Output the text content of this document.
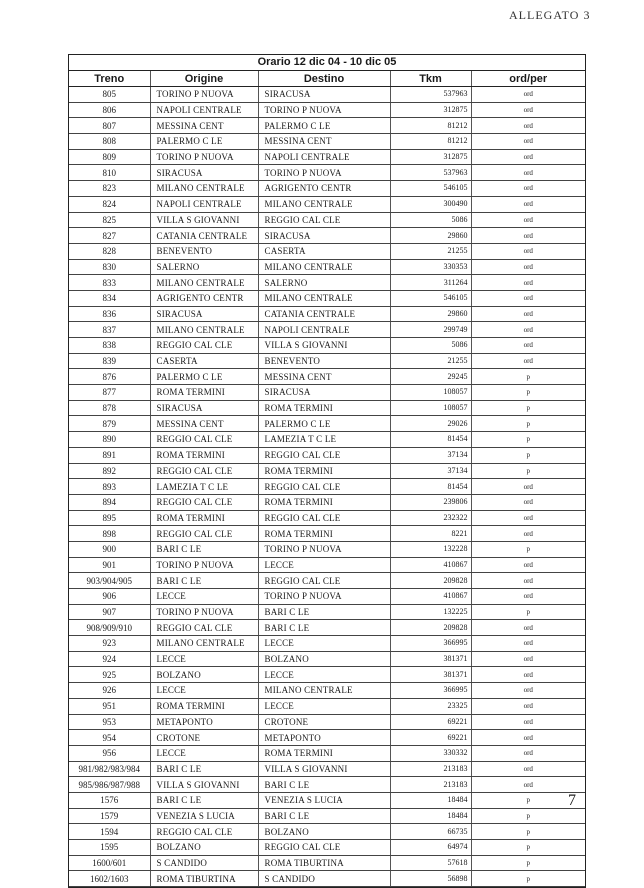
ALLEGATO 3
Orario 12 dic 04 - 10 dic 05
Treno	Origine	Destino	Tkm	ord/per
805	TORINO P NUOVA	SIRACUSA	537963	ord
806	NAPOLI CENTRALE	TORINO P NUOVA	312875	ord
807	MESSINA CENT	PALERMO C LE	81212	ord
808	PALERMO C LE	MESSINA CENT	81212	ord
809	TORINO P NUOVA	NAPOLI CENTRALE	312875	ord
810	SIRACUSA	TORINO P NUOVA	537963	ord
823	MILANO CENTRALE	AGRIGENTO CENTR	546105	ord
824	NAPOLI CENTRALE	MILANO CENTRALE	300490	ord
825	VILLA S GIOVANNI	REGGIO CAL CLE	5086	ord
827	CATANIA CENTRALE	SIRACUSA	29860	ord
828	BENEVENTO	CASERTA	21255	ord
830	SALERNO	MILANO CENTRALE	330353	ord
833	MILANO CENTRALE	SALERNO	311264	ord
834	AGRIGENTO CENTR	MILANO CENTRALE	546105	ord
836	SIRACUSA	CATANIA CENTRALE	29860	ord
837	MILANO CENTRALE	NAPOLI CENTRALE	299749	ord
838	REGGIO CAL CLE	VILLA S GIOVANNI	5086	ord
839	CASERTA	BENEVENTO	21255	ord
876	PALERMO C LE	MESSINA CENT	29245	p
877	ROMA TERMINI	SIRACUSA	108057	p
878	SIRACUSA	ROMA TERMINI	108057	p
879	MESSINA CENT	PALERMO C LE	29026	p
890	REGGIO CAL CLE	LAMEZIA T C LE	81454	p
891	ROMA TERMINI	REGGIO CAL CLE	37134	p
892	REGGIO CAL CLE	ROMA TERMINI	37134	p
893	LAMEZIA T C LE	REGGIO CAL CLE	81454	ord
894	REGGIO CAL CLE	ROMA TERMINI	239806	ord
895	ROMA TERMINI	REGGIO CAL CLE	232322	ord
898	REGGIO CAL CLE	ROMA TERMINI	8221	ord
900	BARI C LE	TORINO P NUOVA	132228	p
901	TORINO P NUOVA	LECCE	410867	ord
903/904/905	BARI C LE	REGGIO CAL CLE	209828	ord
906	LECCE	TORINO P NUOVA	410867	ord
907	TORINO P NUOVA	BARI C LE	132225	p
908/909/910	REGGIO CAL CLE	BARI C LE	209828	ord
923	MILANO CENTRALE	LECCE	366995	ord
924	LECCE	BOLZANO	381371	ord
925	BOLZANO	LECCE	381371	ord
926	LECCE	MILANO CENTRALE	366995	ord
951	ROMA TERMINI	LECCE	23325	ord
953	METAPONTO	CROTONE	69221	ord
954	CROTONE	METAPONTO	69221	ord
956	LECCE	ROMA TERMINI	330332	ord
981/982/983/984	BARI C LE	VILLA S GIOVANNI	213183	ord
985/986/987/988	VILLA S GIOVANNI	BARI C LE	213183	ord
1576	BARI C LE	VENEZIA S LUCIA	18484	p
1579	VENEZIA S LUCIA	BARI C LE	18484	p
1594	REGGIO CAL CLE	BOLZANO	66735	p
1595	BOLZANO	REGGIO CAL CLE	64974	p
1600/601	S CANDIDO	ROMA TIBURTINA	57618	p
1602/1603	ROMA TIBURTINA	S CANDIDO	56898	p
7
